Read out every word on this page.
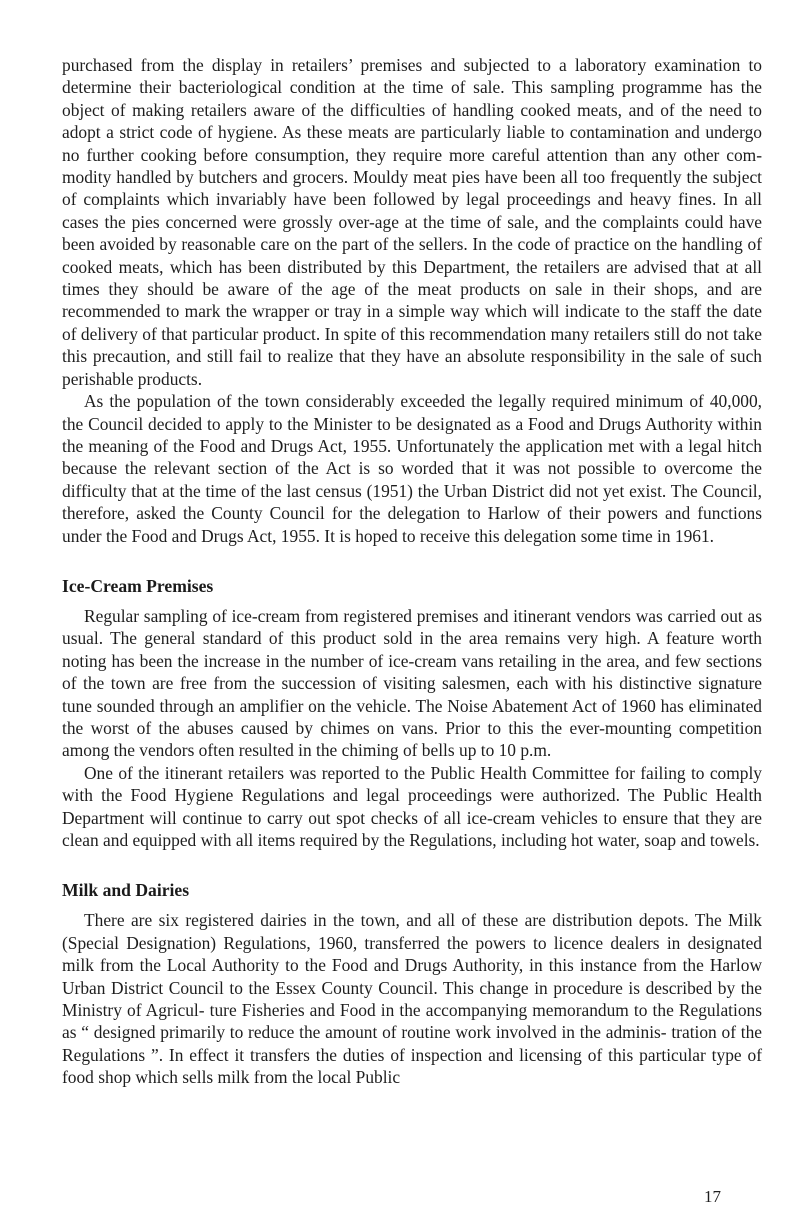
purchased from the display in retailers’ premises and subjected to a laboratory examination to determine their bacteriological condition at the time of sale. This sampling programme has the object of making retailers aware of the difficulties of handling cooked meats, and of the need to adopt a strict code of hygiene. As these meats are particularly liable to contamination and undergo no further cooking before consumption, they require more careful attention than any other com- modity handled by butchers and grocers. Mouldy meat pies have been all too frequently the subject of complaints which invariably have been followed by legal proceedings and heavy fines. In all cases the pies concerned were grossly over-age at the time of sale, and the complaints could have been avoided by reasonable care on the part of the sellers. In the code of practice on the handling of cooked meats, which has been distributed by this Department, the retailers are advised that at all times they should be aware of the age of the meat products on sale in their shops, and are recommended to mark the wrapper or tray in a simple way which will indicate to the staff the date of delivery of that particular product. In spite of this recommendation many retailers still do not take this precaution, and still fail to realize that they have an absolute responsibility in the sale of such perishable products.

As the population of the town considerably exceeded the legally required minimum of 40,000, the Council decided to apply to the Minister to be designated as a Food and Drugs Authority within the meaning of the Food and Drugs Act, 1955. Unfortunately the application met with a legal hitch because the relevant section of the Act is so worded that it was not possible to overcome the difficulty that at the time of the last census (1951) the Urban District did not yet exist. The Council, therefore, asked the County Council for the delegation to Harlow of their powers and functions under the Food and Drugs Act, 1955. It is hoped to receive this delegation some time in 1961.

Ice-Cream Premises

Regular sampling of ice-cream from registered premises and itinerant vendors was carried out as usual. The general standard of this product sold in the area remains very high. A feature worth noting has been the increase in the number of ice-cream vans retailing in the area, and few sections of the town are free from the succession of visiting salesmen, each with his distinctive signature tune sounded through an amplifier on the vehicle. The Noise Abatement Act of 1960 has eliminated the worst of the abuses caused by chimes on vans. Prior to this the ever-mounting competition among the vendors often resulted in the chiming of bells up to 10 p.m.

One of the itinerant retailers was reported to the Public Health Committee for failing to comply with the Food Hygiene Regulations and legal proceedings were authorized. The Public Health Department will continue to carry out spot checks of all ice-cream vehicles to ensure that they are clean and equipped with all items required by the Regulations, including hot water, soap and towels.

Milk and Dairies

There are six registered dairies in the town, and all of these are distribution depots. The Milk (Special Designation) Regulations, 1960, transferred the powers to licence dealers in designated milk from the Local Authority to the Food and Drugs Authority, in this instance from the Harlow Urban District Council to the Essex County Council. This change in procedure is described by the Ministry of Agricul- ture Fisheries and Food in the accompanying memorandum to the Regulations as “ designed primarily to reduce the amount of routine work involved in the adminis- tration of the Regulations ”. In effect it transfers the duties of inspection and licensing of this particular type of food shop which sells milk from the local Public

17
